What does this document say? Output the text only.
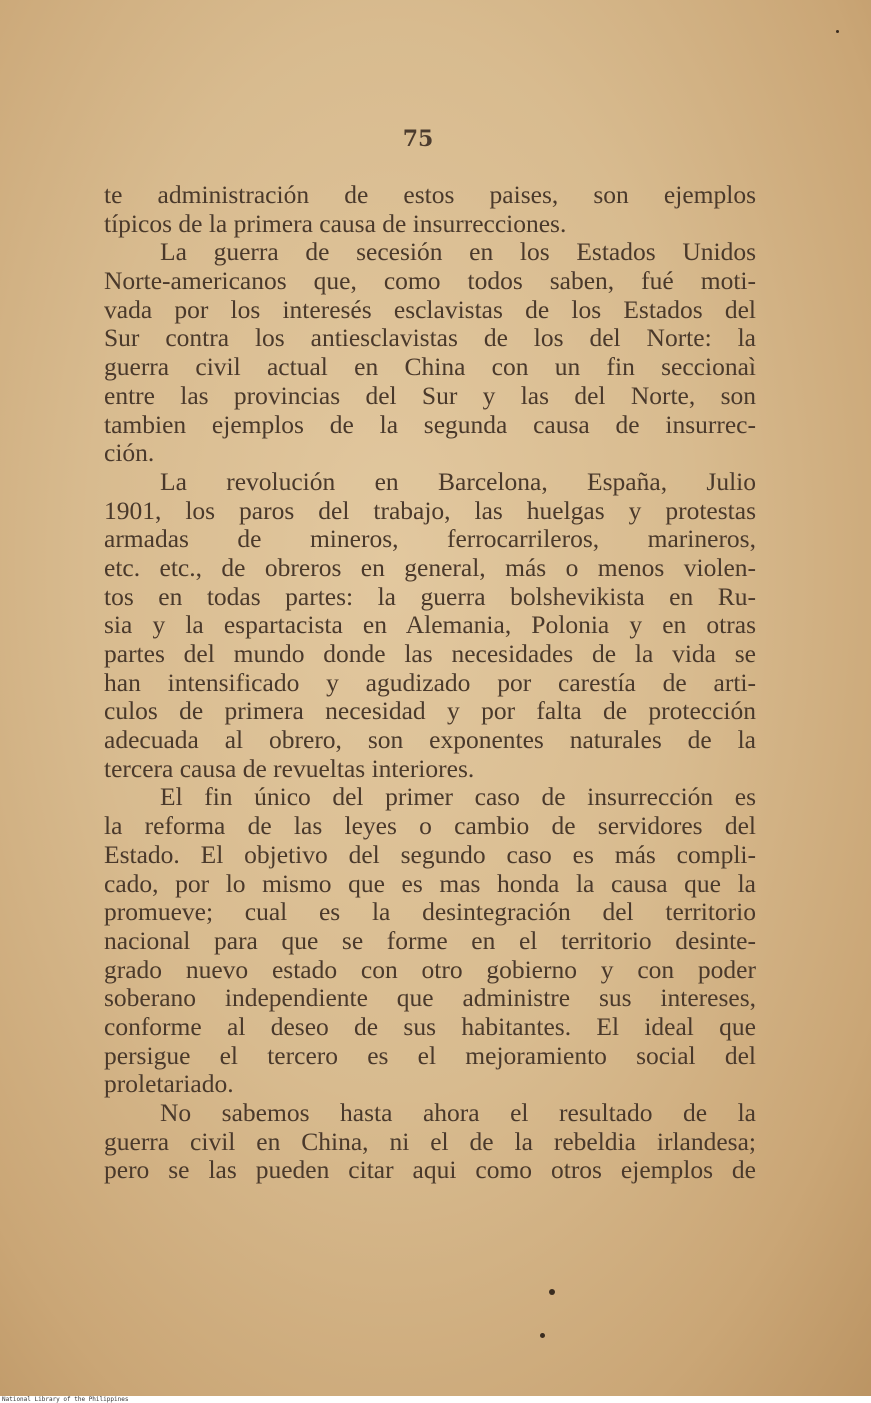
75
te administración de estos paises, son ejemplos
típicos de la primera causa de insurrecciones.
La guerra de secesión en los Estados Unidos
Norte-americanos que, como todos saben, fué moti-
vada por los interesés esclavistas de los Estados del
Sur contra los antiesclavistas de los del Norte: la
guerra civil actual en China con un fin seccionaì
entre las provincias del Sur y las del Norte, son
tambien ejemplos de la segunda causa de insurrec-
ción.
La revolución en Barcelona, España, Julio
1901, los paros del trabajo, las huelgas y protestas
armadas de mineros, ferrocarrileros, marineros,
etc. etc., de obreros en general, más o menos violen-
tos en todas partes: la guerra bolshevikista en Ru-
sia y la espartacista en Alemania, Polonia y en otras
partes del mundo donde las necesidades de la vida se
han intensificado y agudizado por carestía de arti-
culos de primera necesidad y por falta de protección
adecuada al obrero, son exponentes naturales de la
tercera causa de revueltas interiores.
El fin único del primer caso de insurrección es
la reforma de las leyes o cambio de servidores del
Estado. El objetivo del segundo caso es más compli-
cado, por lo mismo que es mas honda la causa que la
promueve; cual es la desintegración del territorio
nacional para que se forme en el territorio desinte-
grado nuevo estado con otro gobierno y con poder
soberano independiente que administre sus intereses,
conforme al deseo de sus habitantes. El ideal que
persigue el tercero es el mejoramiento social del
proletariado.
No sabemos hasta ahora el resultado de la
guerra civil en China, ni el de la rebeldia irlandesa;
pero se las pueden citar aqui como otros ejemplos de
National Library of the Philippines
